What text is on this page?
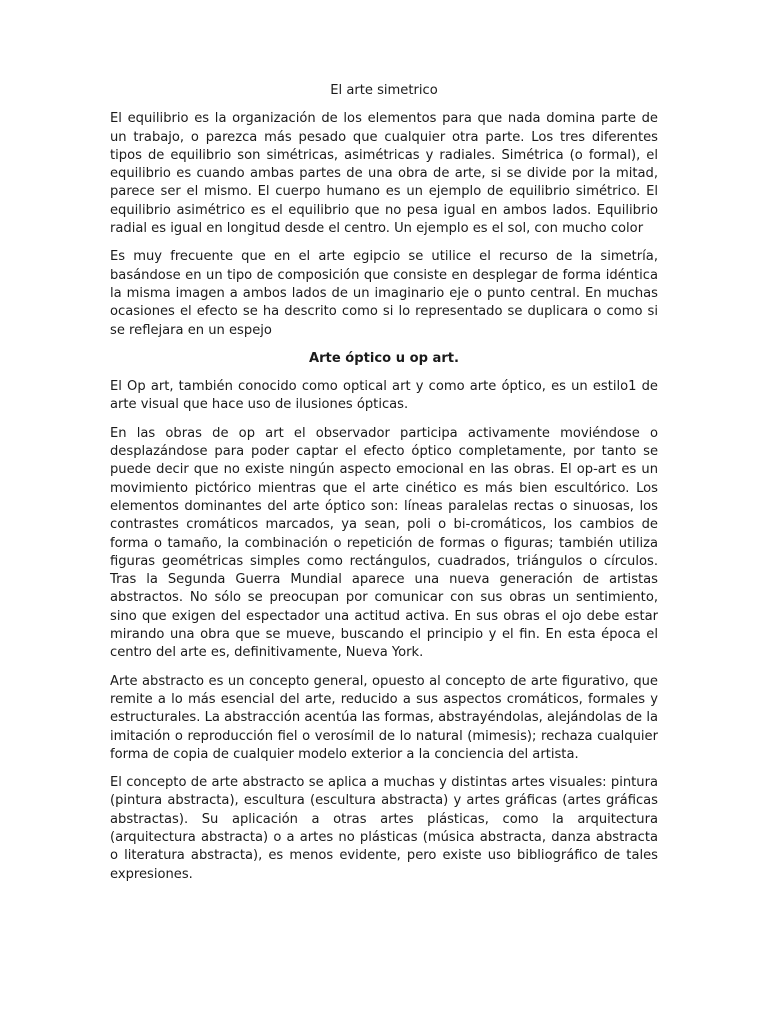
El arte simetrico

El equilibrio es la organización de los elementos para que nada domina parte de un trabajo, o parezca más pesado que cualquier otra parte. Los tres diferentes tipos de equilibrio son simétricas, asimétricas y radiales. Simétrica (o formal), el equilibrio es cuando ambas partes de una obra de arte, si se divide por la mitad, parece ser el mismo. El cuerpo humano es un ejemplo de equilibrio simétrico. El equilibrio asimétrico es el equilibrio que no pesa igual en ambos lados. Equilibrio radial es igual en longitud desde el centro. Un ejemplo es el sol, con mucho color

Es muy frecuente que en el arte egipcio se utilice el recurso de la simetría, basándose en un tipo de composición que consiste en desplegar de forma idéntica la misma imagen a ambos lados de un imaginario eje o punto central. En muchas ocasiones el efecto se ha descrito como si lo representado se duplicara o como si se reflejara en un espejo

Arte óptico u op art.

El Op art, también conocido como optical art y como arte óptico, es un estilo1 de arte visual que hace uso de ilusiones ópticas.

En las obras de op art el observador participa activamente moviéndose o desplazándose para poder captar el efecto óptico completamente, por tanto se puede decir que no existe ningún aspecto emocional en las obras. El op-art es un movimiento pictórico mientras que el arte cinético es más bien escultórico. Los elementos dominantes del arte óptico son: líneas paralelas rectas o sinuosas, los contrastes cromáticos marcados, ya sean, poli o bi-cromáticos, los cambios de forma o tamaño, la combinación o repetición de formas o figuras; también utiliza figuras geométricas simples como rectángulos, cuadrados, triángulos o círculos. Tras la Segunda Guerra Mundial aparece una nueva generación de artistas abstractos. No sólo se preocupan por comunicar con sus obras un sentimiento, sino que exigen del espectador una actitud activa. En sus obras el ojo debe estar mirando una obra que se mueve, buscando el principio y el fin. En esta época el centro del arte es, definitivamente, Nueva York.

Arte abstracto es un concepto general, opuesto al concepto de arte figurativo, que remite a lo más esencial del arte, reducido a sus aspectos cromáticos, formales y estructurales. La abstracción acentúa las formas, abstrayéndolas, alejándolas de la imitación o reproducción fiel o verosímil de lo natural (mimesis); rechaza cualquier forma de copia de cualquier modelo exterior a la conciencia del artista.

El concepto de arte abstracto se aplica a muchas y distintas artes visuales: pintura (pintura abstracta), escultura (escultura abstracta) y artes gráficas (artes gráficas abstractas). Su aplicación a otras artes plásticas, como la arquitectura (arquitectura abstracta) o a artes no plásticas (música abstracta, danza abstracta o literatura abstracta), es menos evidente, pero existe uso bibliográfico de tales expresiones.
